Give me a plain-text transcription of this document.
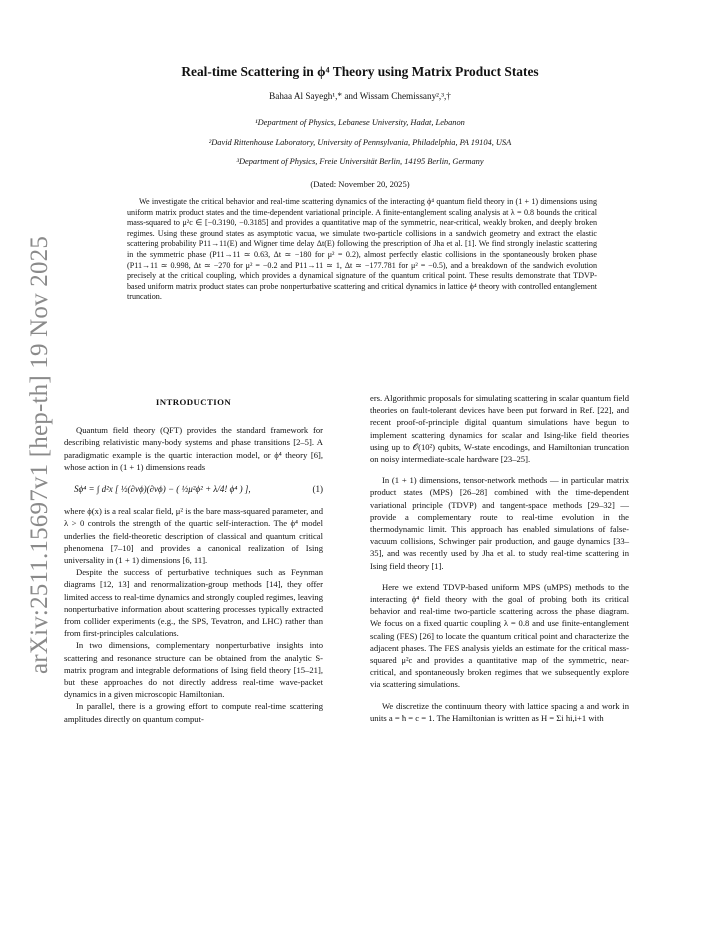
arXiv:2511.15697v1 [hep-th] 19 Nov 2025
Real-time Scattering in ϕ⁴ Theory using Matrix Product States
Bahaa Al Sayegh¹,* and Wissam Chemissany²,³,†
¹Department of Physics, Lebanese University, Hadat, Lebanon
²David Rittenhouse Laboratory, University of Pennsylvania, Philadelphia, PA 19104, USA
³Department of Physics, Freie Universität Berlin, 14195 Berlin, Germany
(Dated: November 20, 2025)
We investigate the critical behavior and real-time scattering dynamics of the interacting ϕ⁴ quantum field theory in (1 + 1) dimensions using uniform matrix product states and the time-dependent variational principle. A finite-entanglement scaling analysis at λ = 0.8 bounds the critical mass-squared to μ²c ∈ [−0.3190, −0.3185] and provides a quantitative map of the symmetric, near-critical, weakly broken, and deeply broken regimes. Using these ground states as asymptotic vacua, we simulate two-particle collisions in a sandwich geometry and extract the elastic scattering probability P11→11(E) and Wigner time delay Δt(E) following the prescription of Jha et al. [1]. We find strongly inelastic scattering in the symmetric phase (P11→11 ≃ 0.63, Δt ≃ −180 for μ² = 0.2), almost perfectly elastic collisions in the spontaneously broken phase (P11→11 ≃ 0.998, Δt ≃ −270 for μ² = −0.2 and P11→11 ≃ 1, Δt ≃ −177.781 for μ² = −0.5), and a breakdown of the sandwich evolution precisely at the critical coupling, which provides a dynamical signature of the quantum critical point. These results demonstrate that TDVP-based uniform matrix product states can probe nonperturbative scattering and critical dynamics in lattice ϕ⁴ theory with controlled entanglement truncation.
INTRODUCTION

Quantum field theory (QFT) provides the standard framework for describing relativistic many-body systems and phase transitions [2–5]. A paradigmatic example is the quartic interaction model, or ϕ⁴ theory [6], whose action in (1 + 1) dimensions reads

Sϕ⁴ = ∫ d²x [ ½(∂νϕ)(∂νϕ) − ( ½μ²ϕ² + λ/4! ϕ⁴ ) ],	(1)

where ϕ(x) is a real scalar field, μ² is the bare mass-squared parameter, and λ > 0 controls the strength of the quartic self-interaction. The ϕ⁴ model underlies the field-theoretic description of classical and quantum critical phenomena [7–10] and provides a canonical realization of Ising universality in (1 + 1) dimensions [6, 11].

Despite the success of perturbative techniques such as Feynman diagrams [12, 13] and renormalization-group methods [14], they offer limited access to real-time dynamics and strongly coupled regimes, leaving nonperturbative information about scattering processes typically extracted from collider experiments (e.g., the SPS, Tevatron, and LHC) rather than from first-principles calculations.

In two dimensions, complementary nonperturbative insights into scattering and resonance structure can be obtained from the analytic S-matrix program and integrable deformations of Ising field theory [15–21], but these approaches do not directly address real-time wave-packet dynamics in a given microscopic Hamiltonian.

In parallel, there is a growing effort to compute real-time scattering amplitudes directly on quantum comput-

ers. Algorithmic proposals for simulating scattering in scalar quantum field theories on fault-tolerant devices have been put forward in Ref. [22], and recent proof-of-principle digital quantum simulations have begun to implement scattering dynamics for scalar and Ising-like field theories using up to 𝒪(10²) qubits, W-state encodings, and Hamiltonian truncation on noisy intermediate-scale hardware [23–25].

In (1 + 1) dimensions, tensor-network methods — in particular matrix product states (MPS) [26–28] combined with the time-dependent variational principle (TDVP) and tangent-space methods [29–32] — provide a complementary route to real-time evolution in the thermodynamic limit. This approach has enabled simulations of false-vacuum collisions, Schwinger pair production, and gauge dynamics [33–35], and was recently used by Jha et al. to study real-time scattering in Ising field theory [1].

Here we extend TDVP-based uniform MPS (uMPS) methods to the interacting ϕ⁴ field theory with the goal of probing both its critical behavior and real-time two-particle scattering across the phase diagram. We focus on a fixed quartic coupling λ = 0.8 and use finite-entanglement scaling (FES) [26] to locate the quantum critical point and characterize the adjacent phases. The FES analysis yields an estimate for the critical mass-squared μ²c and provides a quantitative map of the symmetric, near-critical, and spontaneously broken regimes that we subsequently explore via scattering simulations.

We discretize the continuum theory with lattice spacing a and work in units a = ħ = c = 1. The Hamiltonian is written as H = Σi hi,i+1 with
